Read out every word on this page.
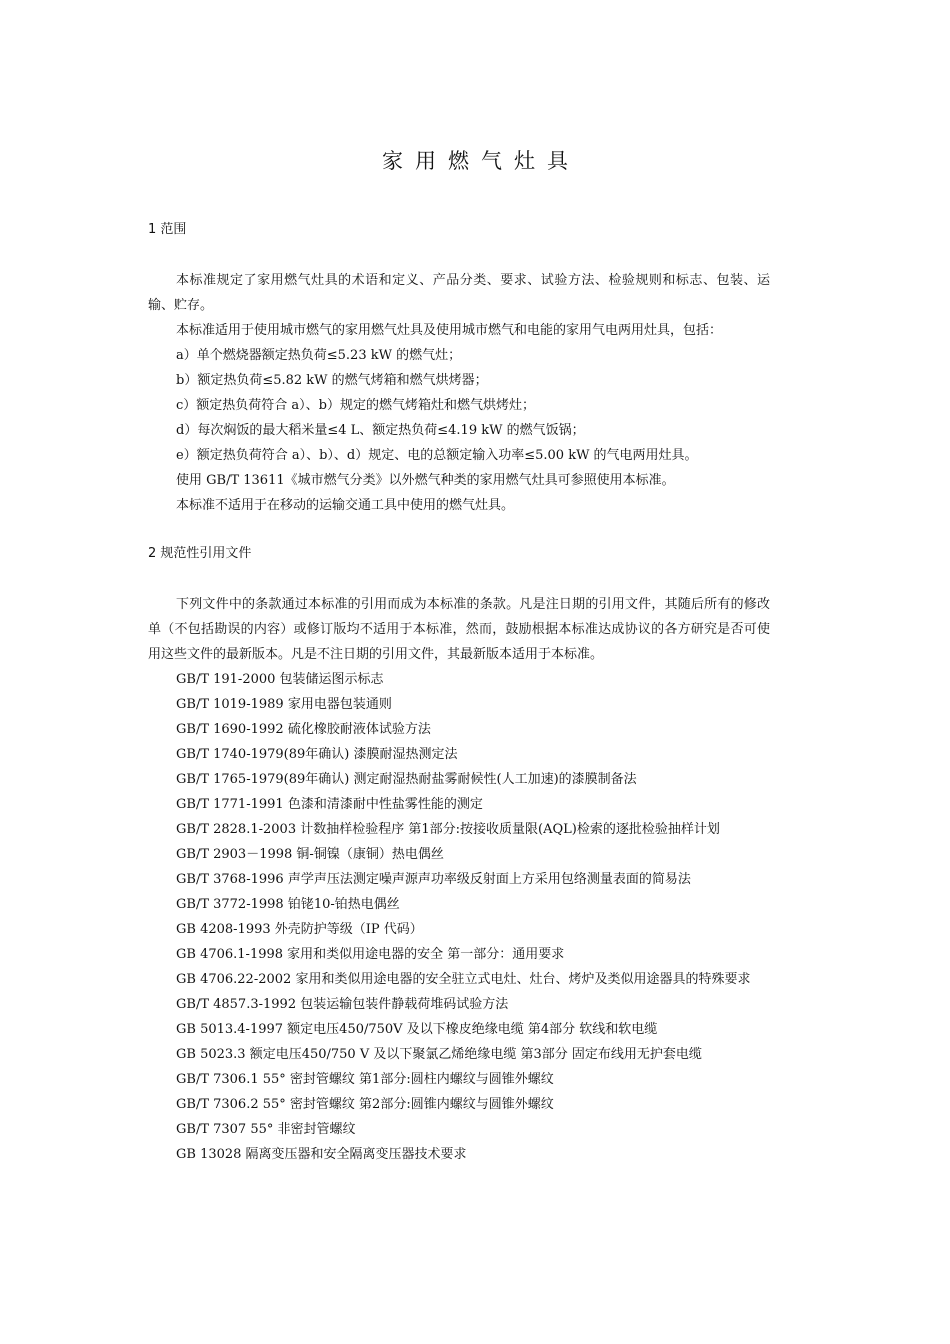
家用燃气灶具
1 范围

本标准规定了家用燃气灶具的术语和定义、产品分类、要求、试验方法、检验规则和标志、包装、运输、贮存。

本标准适用于使用城市燃气的家用燃气灶具及使用城市燃气和电能的家用气电两用灶具，包括：

a）单个燃烧器额定热负荷≤5.23 kW 的燃气灶；

b）额定热负荷≤5.82 kW 的燃气烤箱和燃气烘烤器；

c）额定热负荷符合 a）、b）规定的燃气烤箱灶和燃气烘烤灶；

d）每次焖饭的最大稻米量≤4 L、额定热负荷≤4.19 kW 的燃气饭锅；

e）额定热负荷符合 a）、b）、d）规定、电的总额定输入功率≤5.00 kW 的气电两用灶具。

使用 GB/T 13611《城市燃气分类》以外燃气种类的家用燃气灶具可参照使用本标准。

本标准不适用于在移动的运输交通工具中使用的燃气灶具。

2 规范性引用文件

下列文件中的条款通过本标准的引用而成为本标准的条款。凡是注日期的引用文件，其随后所有的修改单（不包括勘误的内容）或修订版均不适用于本标准，然而，鼓励根据本标准达成协议的各方研究是否可使用这些文件的最新版本。凡是不注日期的引用文件，其最新版本适用于本标准。

GB/T 191-2000 包装储运图示标志

GB/T 1019-1989 家用电器包装通则

GB/T 1690-1992 硫化橡胶耐液体试验方法

GB/T 1740-1979(89年确认) 漆膜耐湿热测定法

GB/T 1765-1979(89年确认) 测定耐湿热耐盐雾耐候性(人工加速)的漆膜制备法

GB/T 1771-1991 色漆和清漆耐中性盐雾性能的测定

GB/T 2828.1-2003 计数抽样检验程序 第1部分:按接收质量限(AQL)检索的逐批检验抽样计划

GB/T 2903－1998 铜-铜镍（康铜）热电偶丝

GB/T 3768-1996 声学声压法测定噪声源声功率级反射面上方采用包络测量表面的简易法

GB/T 3772-1998 铂铑10-铂热电偶丝

GB 4208-1993 外壳防护等级（IP 代码）

GB 4706.1-1998 家用和类似用途电器的安全 第一部分：通用要求

GB 4706.22-2002 家用和类似用途电器的安全驻立式电灶、灶台、烤炉及类似用途器具的特殊要求

GB/T 4857.3-1992 包装运输包装件静载荷堆码试验方法

GB 5013.4-1997 额定电压450/750V 及以下橡皮绝缘电缆 第4部分 软线和软电缆

GB 5023.3 额定电压450/750 V 及以下聚氯乙烯绝缘电缆 第3部分 固定布线用无护套电缆

GB/T 7306.1 55° 密封管螺纹 第1部分:圆柱内螺纹与圆锥外螺纹

GB/T 7306.2 55° 密封管螺纹 第2部分:圆锥内螺纹与圆锥外螺纹

GB/T 7307 55° 非密封管螺纹

GB 13028 隔离变压器和安全隔离变压器技术要求
